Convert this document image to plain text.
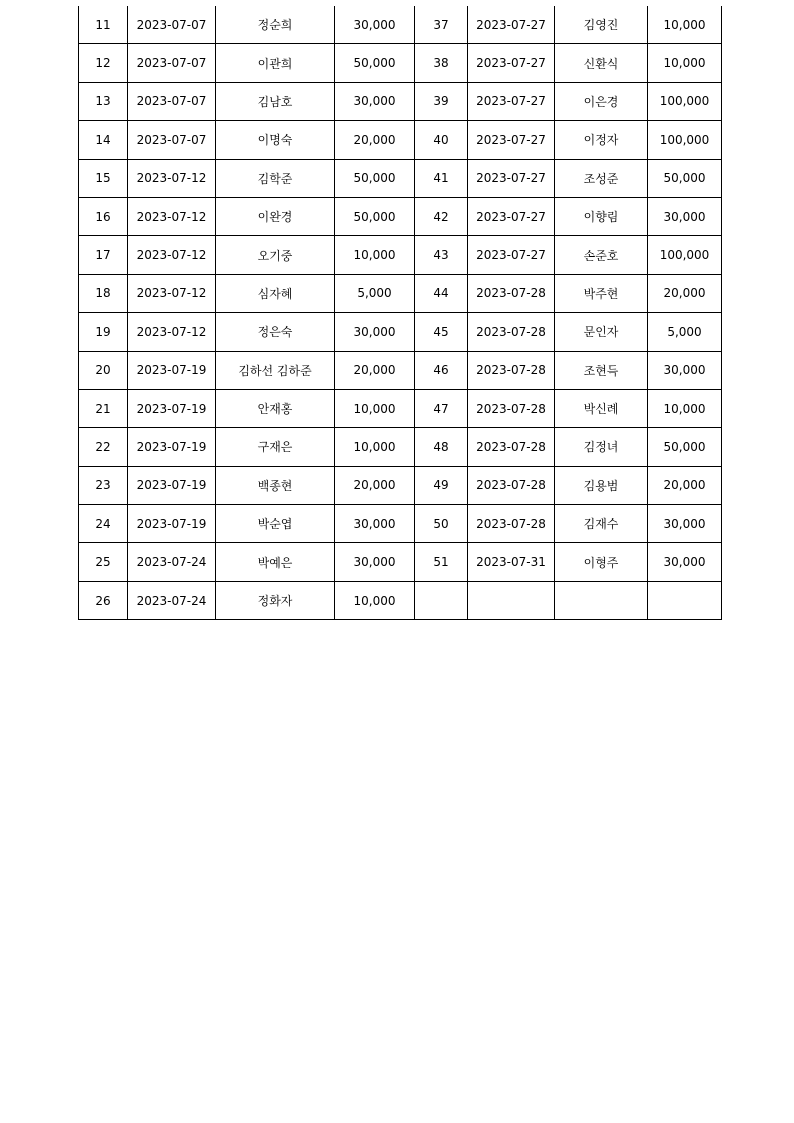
11	2023-07-07	정순희	30,000	37	2023-07-27	김영진	10,000
12	2023-07-07	이관희	50,000	38	2023-07-27	신환식	10,000
13	2023-07-07	김남호	30,000	39	2023-07-27	이은경	100,000
14	2023-07-07	이명숙	20,000	40	2023-07-27	이정자	100,000
15	2023-07-12	김학준	50,000	41	2023-07-27	조성준	50,000
16	2023-07-12	이완경	50,000	42	2023-07-27	이향림	30,000
17	2023-07-12	오기중	10,000	43	2023-07-27	손준호	100,000
18	2023-07-12	심자혜	5,000	44	2023-07-28	박주현	20,000
19	2023-07-12	정은숙	30,000	45	2023-07-28	문인자	5,000
20	2023-07-19	김하선 김하준	20,000	46	2023-07-28	조현득	30,000
21	2023-07-19	안재홍	10,000	47	2023-07-28	박신례	10,000
22	2023-07-19	구재은	10,000	48	2023-07-28	김정녀	50,000
23	2023-07-19	백종현	20,000	49	2023-07-28	김용범	20,000
24	2023-07-19	박순엽	30,000	50	2023-07-28	김재수	30,000
25	2023-07-24	박예은	30,000	51	2023-07-31	이형주	30,000
26	2023-07-24	정화자	10,000				
